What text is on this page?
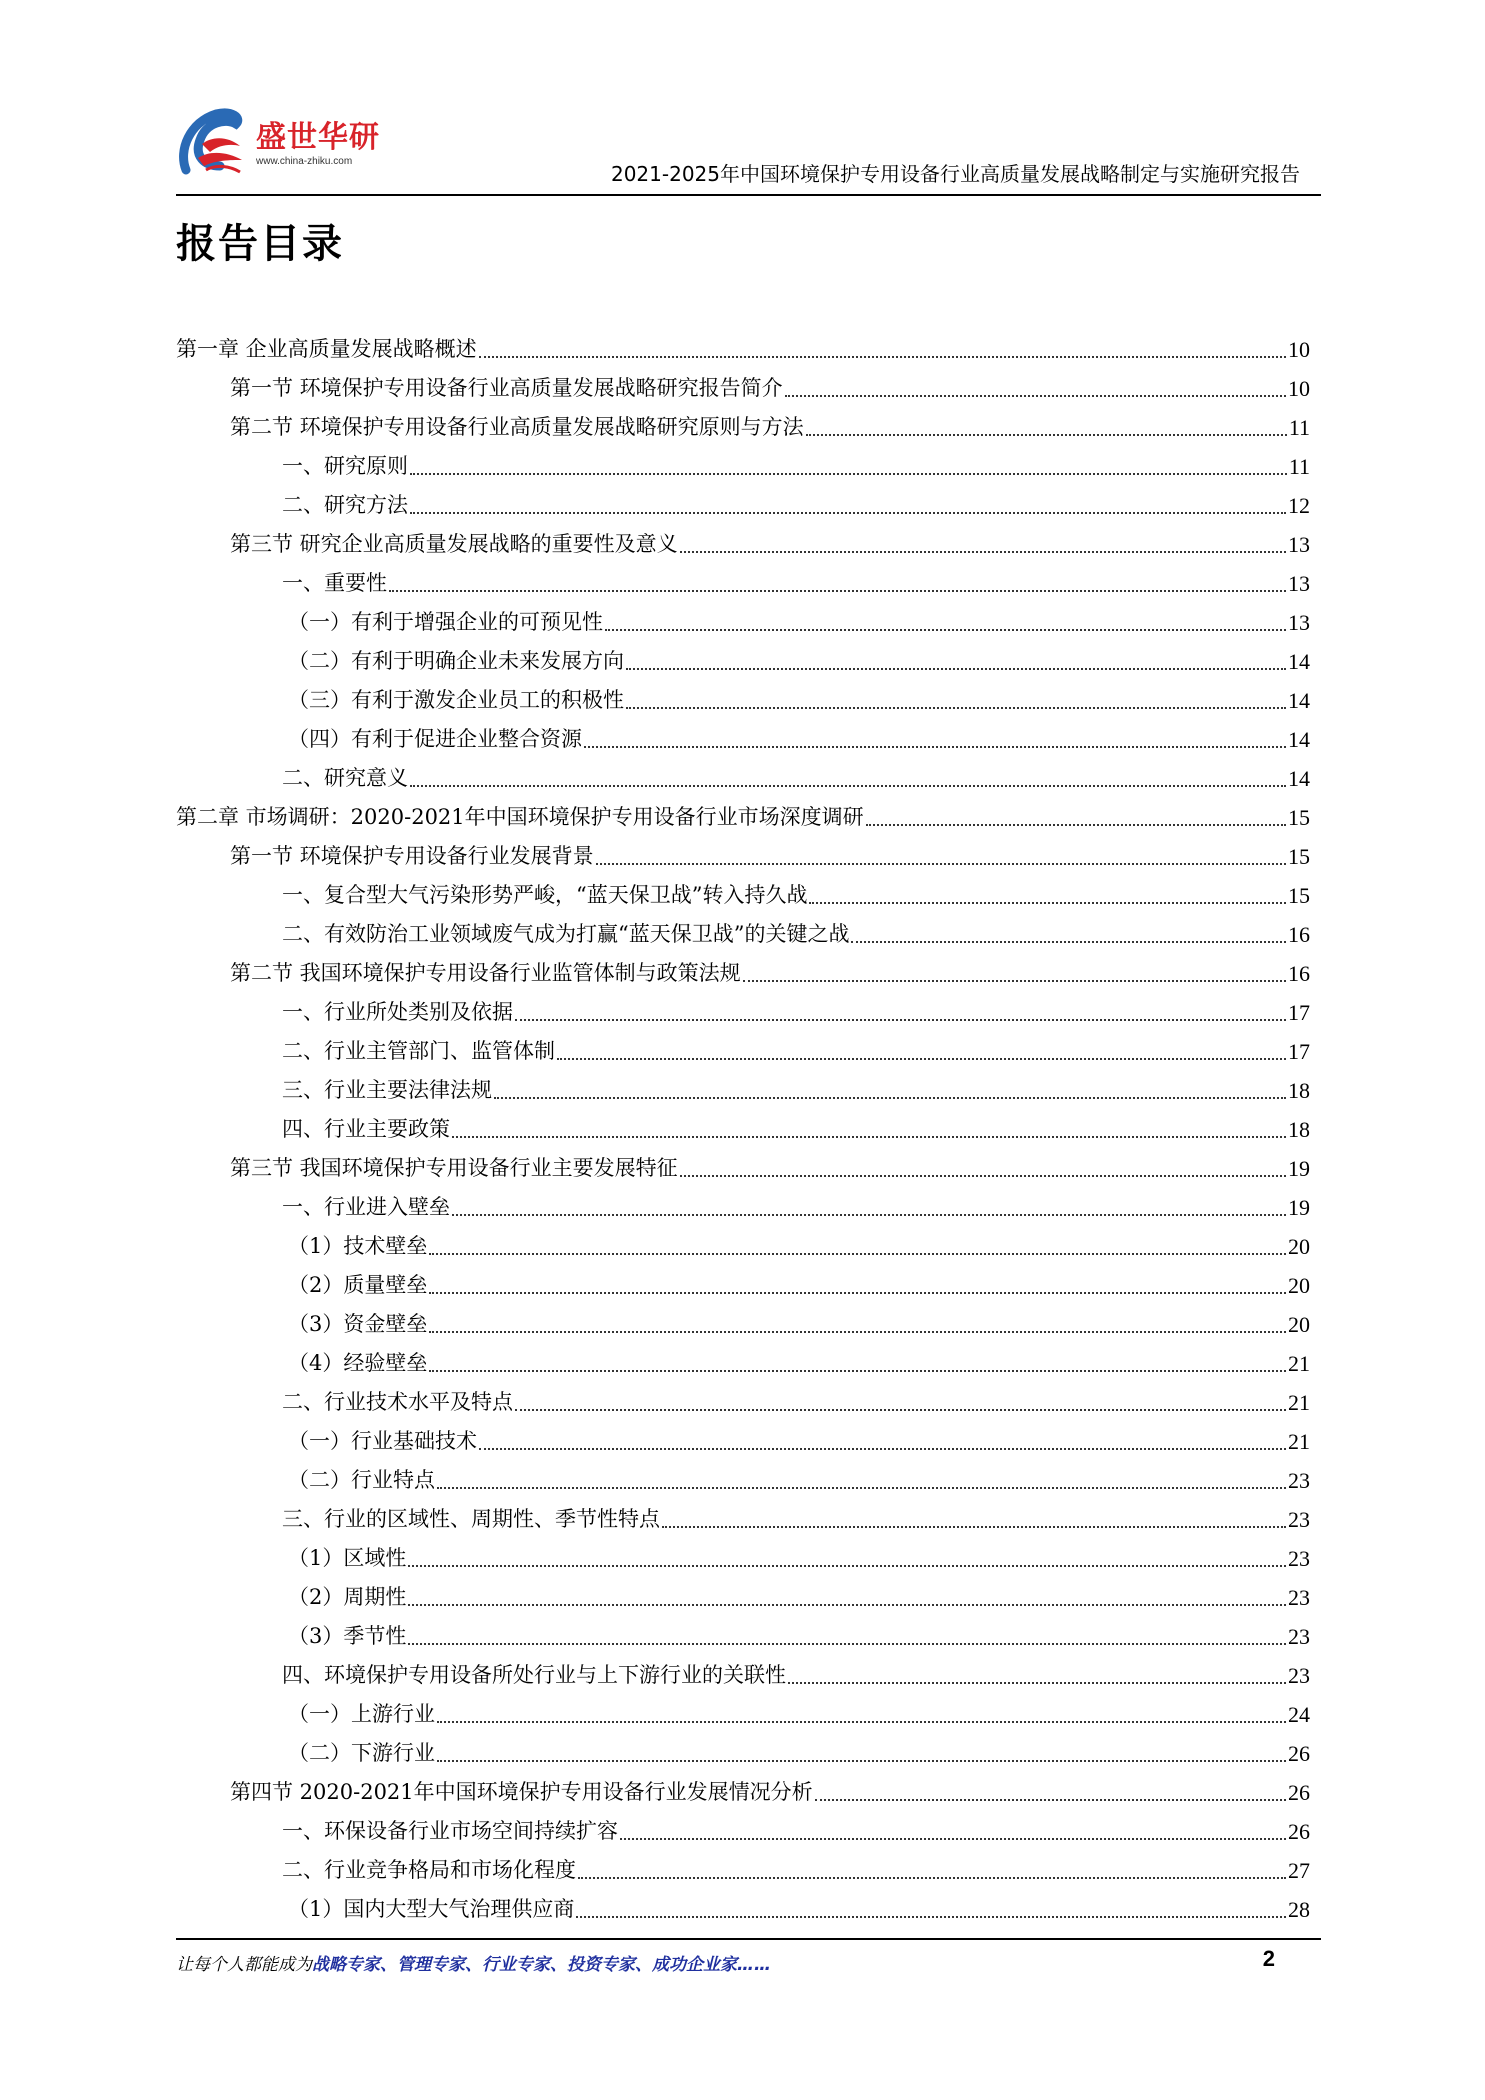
盛世华研
www.china-zhiku.com
2021-2025年中国环境保护专用设备行业高质量发展战略制定与实施研究报告
报告目录
第一章 企业高质量发展战略概述	10
第一节 环境保护专用设备行业高质量发展战略研究报告简介	10
第二节 环境保护专用设备行业高质量发展战略研究原则与方法	11
一、研究原则	11
二、研究方法	12
第三节 研究企业高质量发展战略的重要性及意义	13
一、重要性	13
（一）有利于增强企业的可预见性	13
（二）有利于明确企业未来发展方向	14
（三）有利于激发企业员工的积极性	14
（四）有利于促进企业整合资源	14
二、研究意义	14
第二章 市场调研：2020-2021年中国环境保护专用设备行业市场深度调研	15
第一节 环境保护专用设备行业发展背景	15
一、复合型大气污染形势严峻，“蓝天保卫战”转入持久战	15
二、有效防治工业领域废气成为打赢“蓝天保卫战”的关键之战	16
第二节 我国环境保护专用设备行业监管体制与政策法规	16
一、行业所处类别及依据	17
二、行业主管部门、监管体制	17
三、行业主要法律法规	18
四、行业主要政策	18
第三节 我国环境保护专用设备行业主要发展特征	19
一、行业进入壁垒	19
（1）技术壁垒	20
（2）质量壁垒	20
（3）资金壁垒	20
（4）经验壁垒	21
二、行业技术水平及特点	21
（一）行业基础技术	21
（二）行业特点	23
三、行业的区域性、周期性、季节性特点	23
（1）区域性	23
（2）周期性	23
（3）季节性	23
四、环境保护专用设备所处行业与上下游行业的关联性	23
（一）上游行业	24
（二）下游行业	26
第四节 2020-2021年中国环境保护专用设备行业发展情况分析	26
一、环保设备行业市场空间持续扩容	26
二、行业竞争格局和市场化程度	27
（1）国内大型大气治理供应商	28
让每个人都能成为战略专家、管理专家、行业专家、投资专家、成功企业家……	2
